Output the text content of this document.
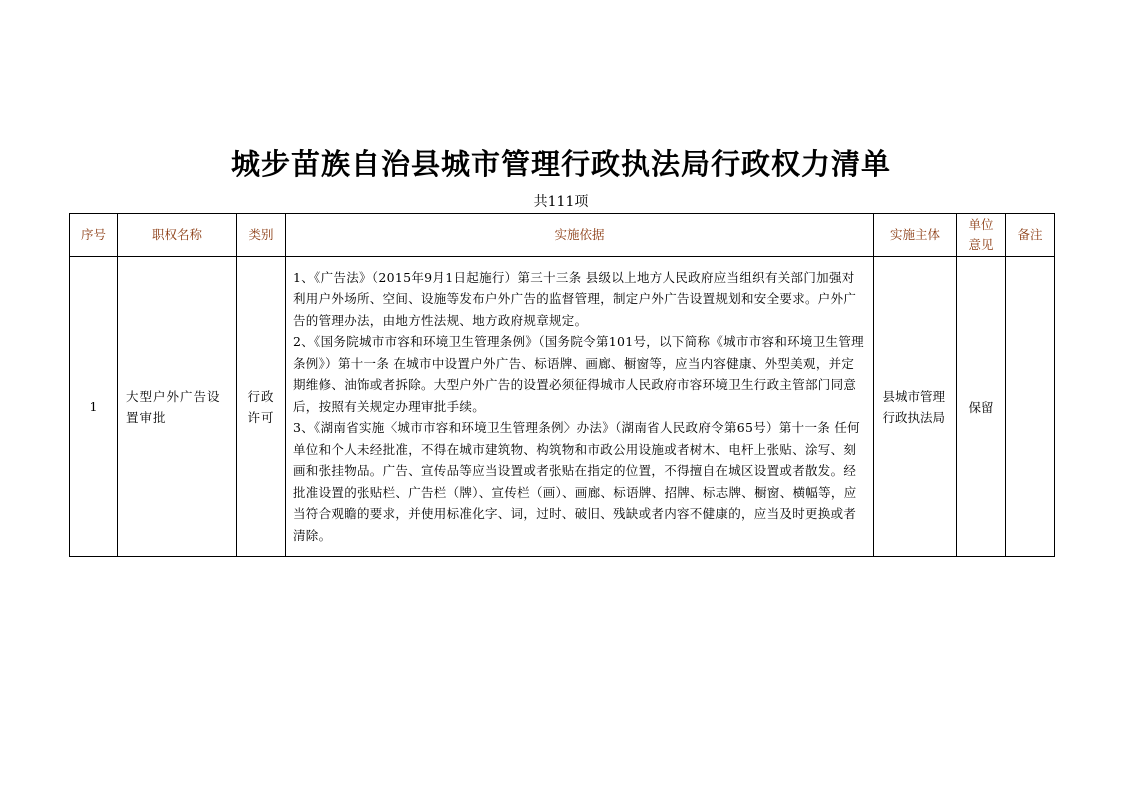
城步苗族自治县城市管理行政执法局行政权力清单
共111项
序号	职权名称	类别	实施依据	实施主体	单位意见	备注
1	大型户外广告设置审批	行政许可	1、《广告法》（2015年9月1日起施行）第三十三条 县级以上地方人民政府应当组织有关部门加强对利用户外场所、空间、设施等发布户外广告的监督管理，制定户外广告设置规划和安全要求。户外广告的管理办法，由地方性法规、地方政府规章规定。
2、《国务院城市市容和环境卫生管理条例》（国务院令第101号，以下简称《城市市容和环境卫生管理条例》）第十一条 在城市中设置户外广告、标语牌、画廊、橱窗等，应当内容健康、外型美观，并定期维修、油饰或者拆除。大型户外广告的设置必须征得城市人民政府市容环境卫生行政主管部门同意后，按照有关规定办理审批手续。
3、《湖南省实施〈城市市容和环境卫生管理条例〉办法》（湖南省人民政府令第65号）第十一条 任何单位和个人未经批准，不得在城市建筑物、构筑物和市政公用设施或者树木、电杆上张贴、涂写、刻画和张挂物品。广告、宣传品等应当设置或者张贴在指定的位置，不得擅自在城区设置或者散发。经批准设置的张贴栏、广告栏（牌）、宣传栏（画）、画廊、标语牌、招牌、标志牌、橱窗、横幅等，应当符合观瞻的要求，并使用标准化字、词，过时、破旧、残缺或者内容不健康的，应当及时更换或者清除。	县城市管理行政执法局	保留	
